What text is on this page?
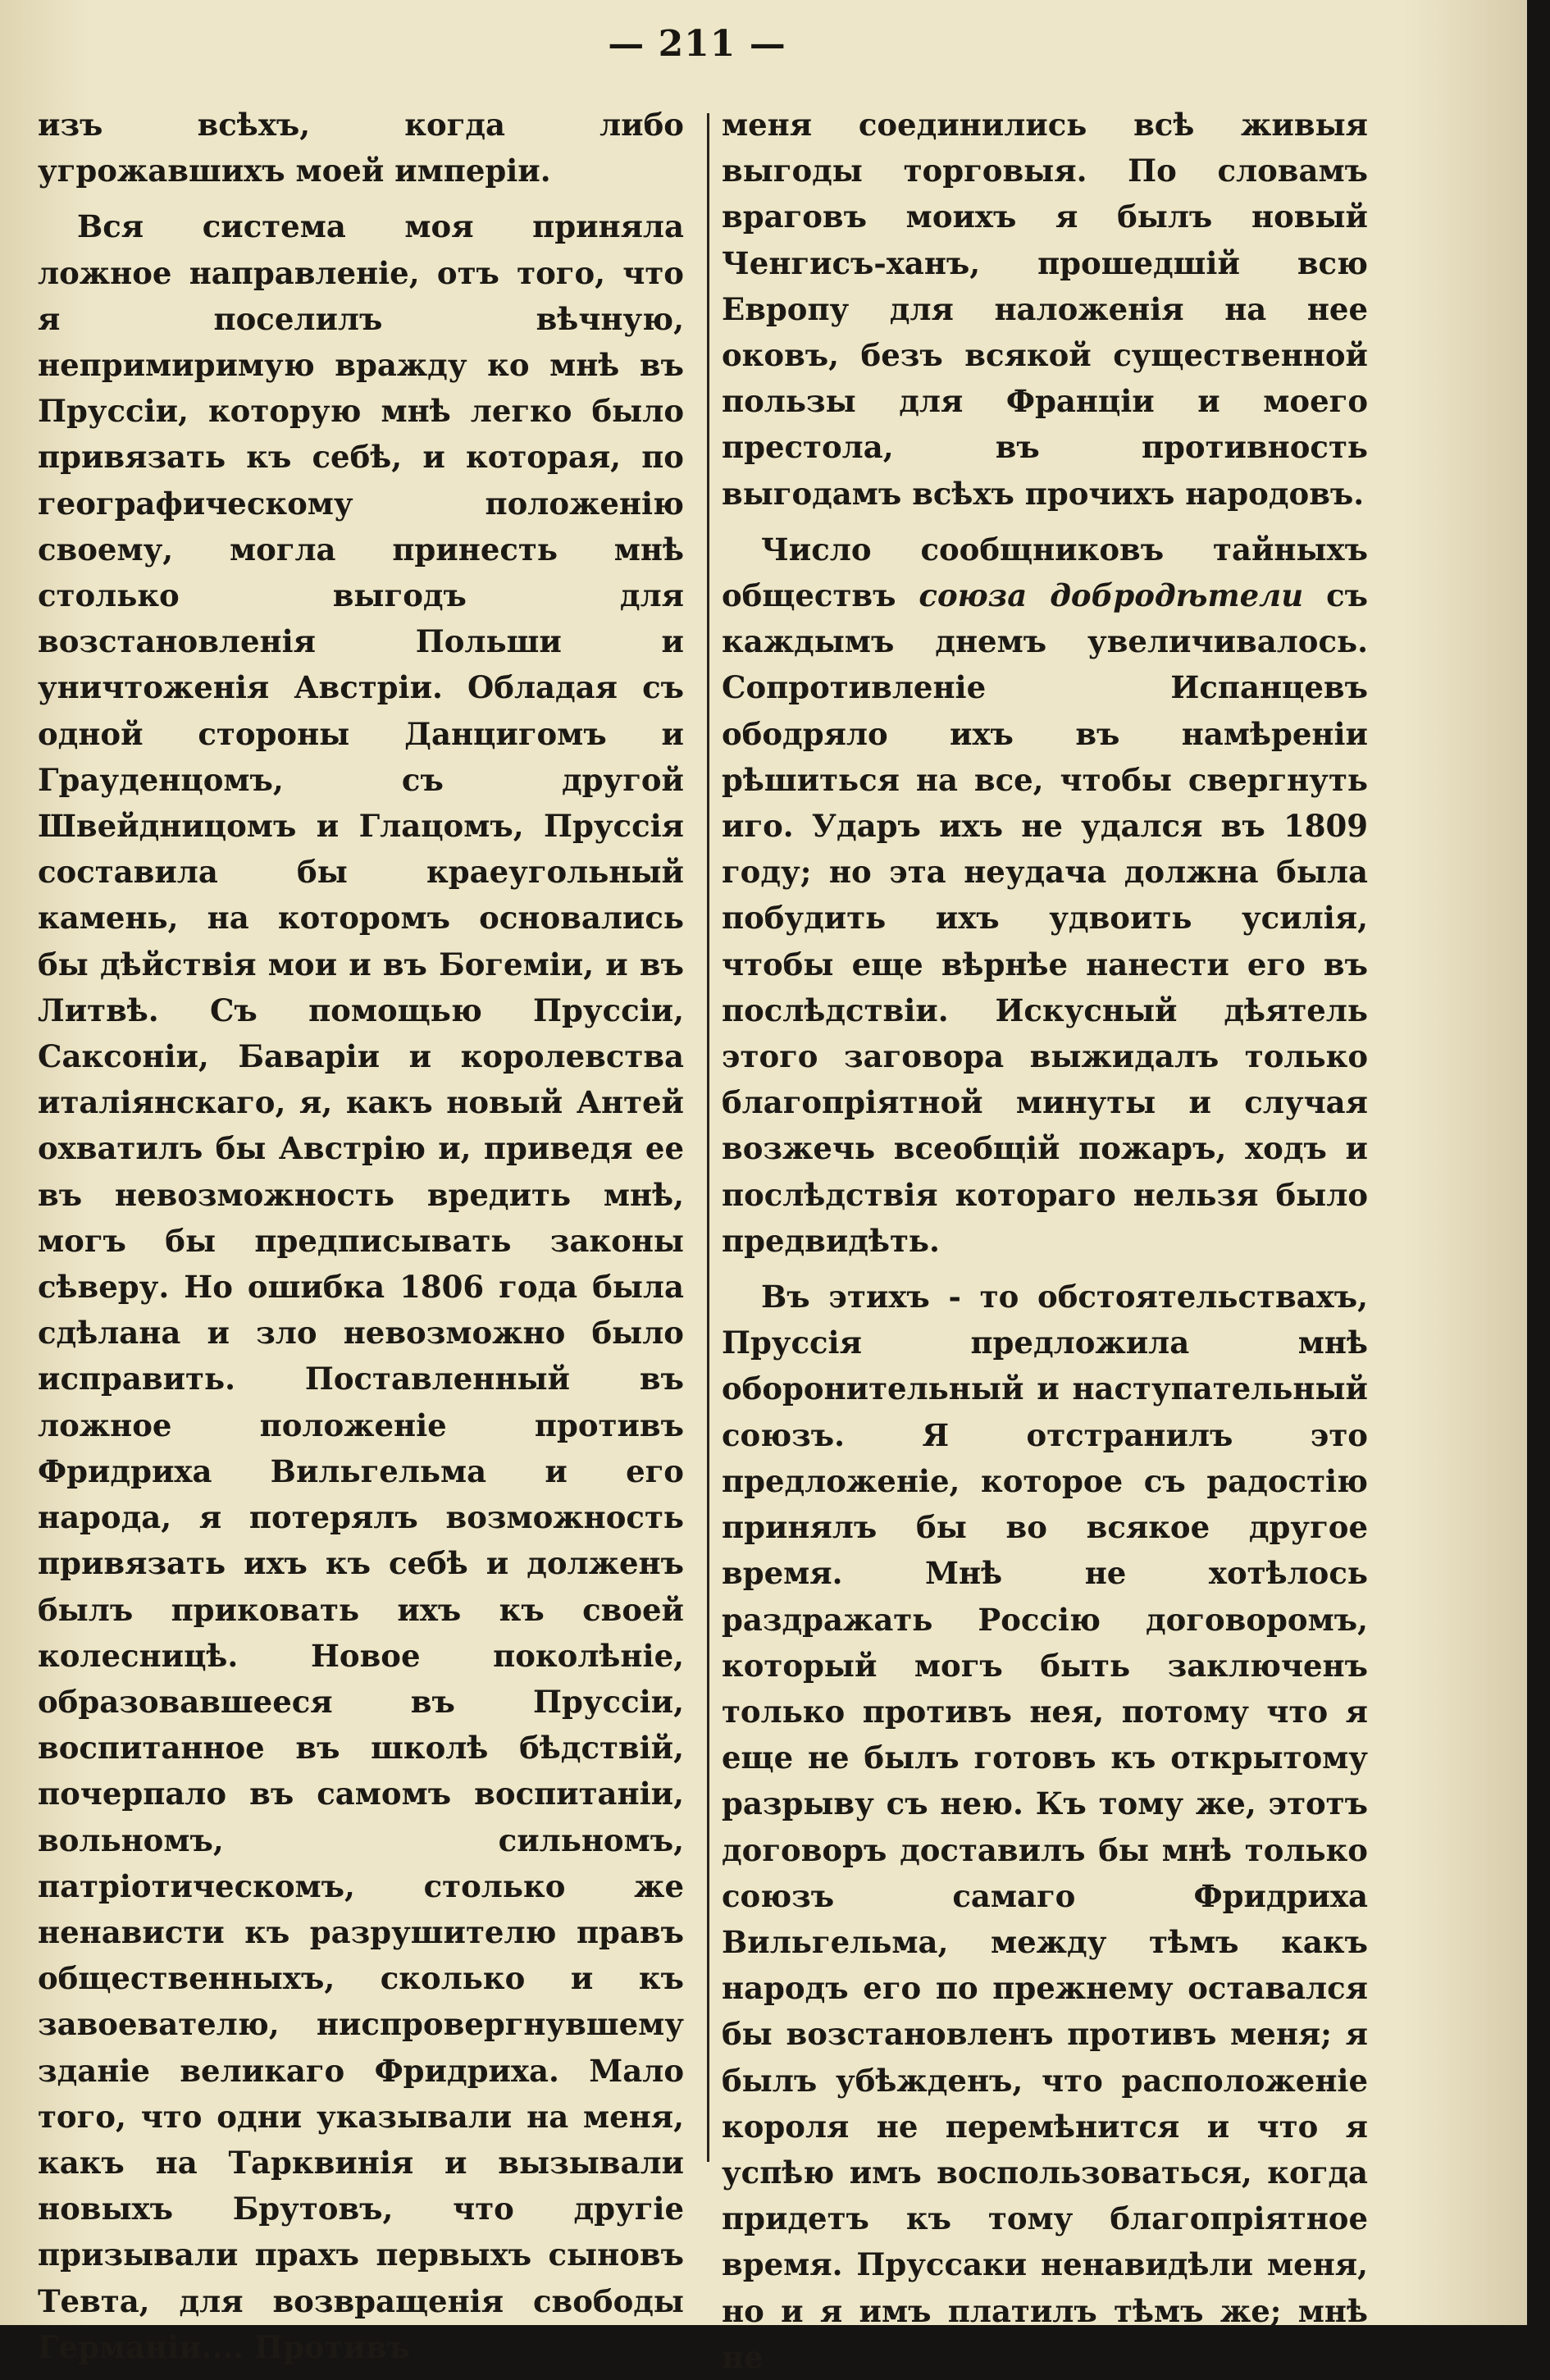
— 211 —

изъ всѣхъ, когда либо угрожавшихъ моей имперіи.

Вся система моя приняла ложное направленіе, отъ того, что я поселилъ вѣчную, непримиримую вражду ко мнѣ въ Пруссіи, которую мнѣ легко было привязать къ себѣ, и которая, по географическому положенію своему, могла принесть мнѣ столько выгодъ для возстановленія Польши и уничтоженія Австріи. Обладая съ одной стороны Данцигомъ и Грауденцомъ, съ другой Швейдницомъ и Глацомъ, Пруссія составила бы краеугольный камень, на которомъ основались бы дѣйствія мои и въ Богеміи, и въ Литвѣ. Съ помощью Пруссіи, Саксоніи, Баваріи и королевства италіянскаго, я, какъ новый Антей охватилъ бы Австрію и, приведя ее въ невозможность вредить мнѣ, могъ бы предписывать законы сѣверу. Но ошибка 1806 года была сдѣлана и зло невозможно было исправить. Поставленный въ ложное положеніе противъ Фридриха Вильгельма и его народа, я потерялъ возможность привязать ихъ къ себѣ и долженъ былъ приковать ихъ къ своей колесницѣ. Новое поколѣніе, образовавшееся въ Пруссіи, воспитанное въ школѣ бѣдствій, почерпало въ самомъ воспитаніи, вольномъ, сильномъ, патріотическомъ, столько же ненависти къ разрушителю правъ общественныхъ, сколько и къ завоевателю, ниспровергнувшему зданіе великаго Фридриха. Мало того, что одни указывали на меня, какъ на Тарквинія и вызывали новыхъ Брутовъ, что другіе призывали прахъ первыхъ сыновъ Тевта, для возвращенія свободы Германіи.... Противъ

меня соединились всѣ живыя выгоды торговыя. По словамъ враговъ моихъ я былъ новый Ченгисъ-ханъ, прошедшій всю Европу для наложенія на нее оковъ, безъ всякой существенной пользы для Франціи и моего престола, въ противность выгодамъ всѣхъ прочихъ народовъ.

Число сообщниковъ тайныхъ обществъ союза добродѣтели съ каждымъ днемъ увеличивалось. Сопротивленіе Испанцевъ ободряло ихъ въ намѣреніи рѣшиться на все, чтобы свергнуть иго. Ударъ ихъ не удался въ 1809 году; но эта неудача должна была побудить ихъ удвоить усилія, чтобы еще вѣрнѣе нанести его въ послѣдствіи. Искусный дѣятель этого заговора выжидалъ только благопріятной минуты и случая возжечь всеобщій пожаръ, ходъ и послѣдствія котораго нельзя было предвидѣть.

Въ этихъ - то обстоятельствахъ, Пруссія предложила мнѣ оборонительный и наступательный союзъ. Я отстранилъ это предложеніе, которое съ радостію принялъ бы во всякое другое время. Мнѣ не хотѣлось раздражать Россію договоромъ, который могъ быть заключенъ только противъ нея, потому что я еще не былъ готовъ къ открытому разрыву съ нею. Къ тому же, этотъ договоръ доставилъ бы мнѣ только союзъ самаго Фридриха Вильгельма, между тѣмъ какъ народъ его по прежнему оставался бы возстановленъ противъ меня; я былъ убѣжденъ, что расположеніе короля не перемѣнится и что я успѣю имъ воспользоваться, когда придетъ къ тому благопріятное время. Пруссаки ненавидѣли меня, но и я имъ платилъ тѣмъ же; мнѣ не
